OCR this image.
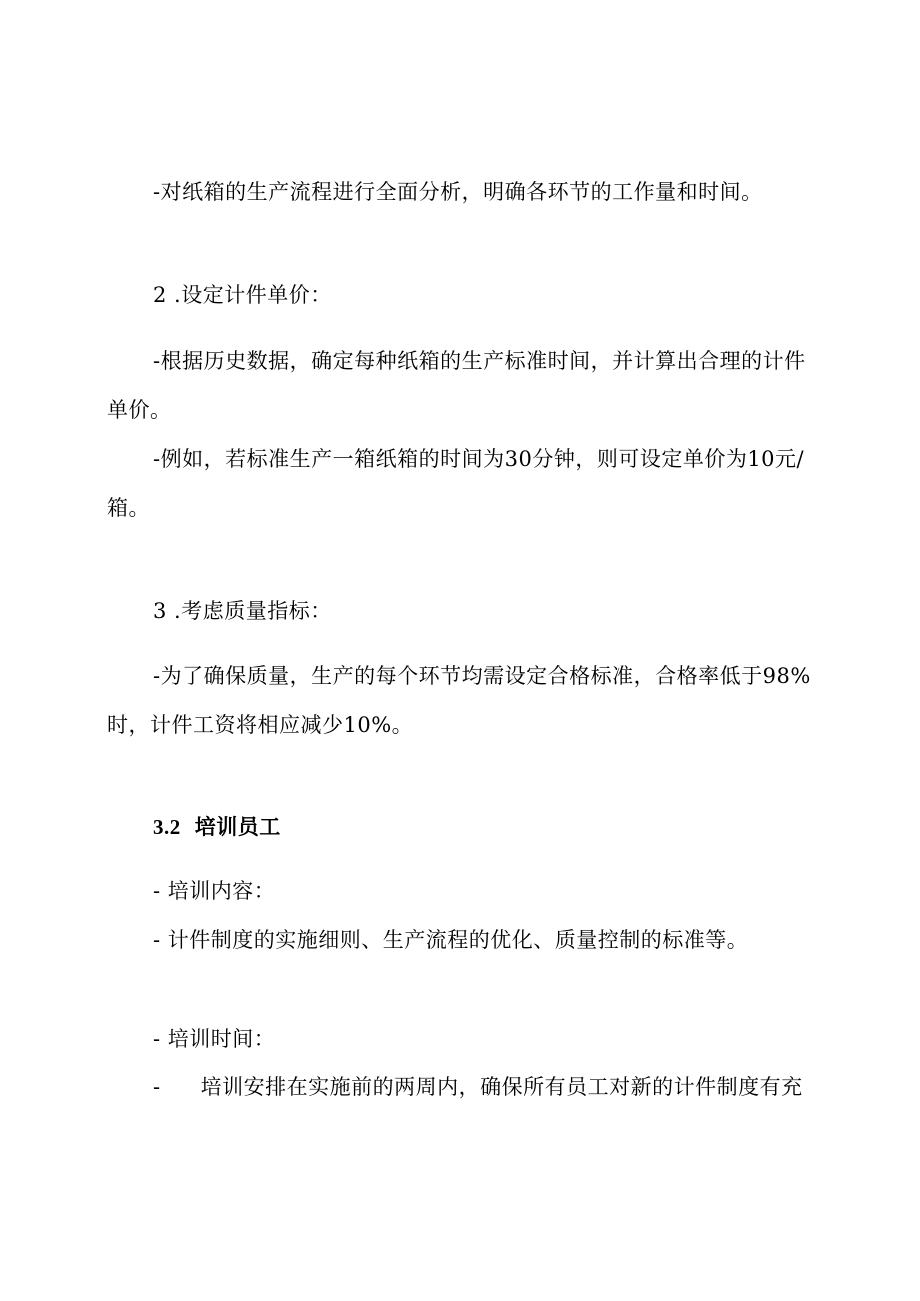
-对纸箱的生产流程进行全面分析，明确各环节的工作量和时间。
2 .设定计件单价：
-根据历史数据，确定每种纸箱的生产标准时间，并计算出合理的计件
单价。
-例如，若标准生产一箱纸箱的时间为30分钟，则可设定单价为10元/
箱。
3 .考虑质量指标：
-为了确保质量，生产的每个环节均需设定合格标准，合格率低于98%
时，计件工资将相应减少10%。
3.2 培训员工
- 培训内容：
- 计件制度的实施细则、生产流程的优化、质量控制的标准等。
- 培训时间：
- 培训安排在实施前的两周内，确保所有员工对新的计件制度有充
